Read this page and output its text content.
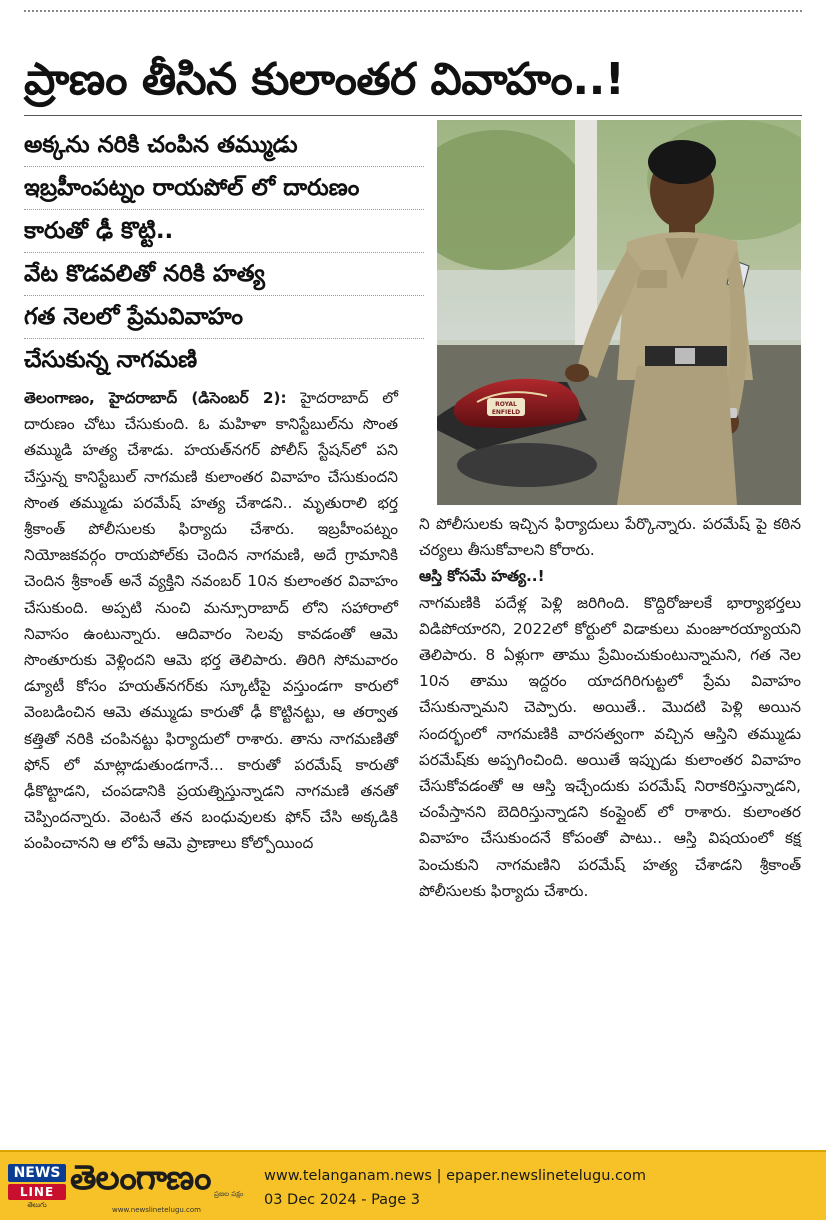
ప్రాణం తీసిన కులాంతర వివాహం..!
అక్కను నరికి చంపిన తమ్ముడు
ఇబ్రహీంపట్నం రాయపోల్ లో దారుణం
కారుతో ఢీ కొట్టి..
వేట కొడవలితో నరికి హత్య
గత నెలలో ప్రేమవివాహం
చేసుకున్న నాగమణి
ROYAL
ENFIELD

తెలంగాణం, హైదరాబాద్ (డిసెంబర్ 2): హైదరాబాద్ లో దారుణం చోటు చేసుకుంది. ఓ మహిళా కానిస్టేబుల్‌ను సొంత తమ్ముడి హత్య చేశాడు. హయత్‌నగర్ పోలీస్ స్టేషన్‌లో పని చేస్తున్న కానిస్టేబుల్ నాగమణి కులాంతర వివాహం చేసుకుందని సొంత తమ్ముడు పరమేష్ హత్య చేశాడని.. మృతురాలి భర్త శ్రీకాంత్ పోలీసులకు ఫిర్యాదు చేశారు. ఇబ్రహీంపట్నం నియోజకవర్గం రాయపోల్‌కు చెందిన నాగమణి, అదే గ్రామానికి చెందిన శ్రీకాంత్ అనే వ్యక్తిని నవంబర్ 10న కులాంతర వివాహం చేసుకుంది. అప్పటి నుంచి మన్సూరాబాద్ లోని సహారాలో నివాసం ఉంటున్నారు. ఆదివారం సెలవు కావడంతో ఆమె సొంతూరుకు వెళ్లిందని ఆమె భర్త తెలిపారు. తిరిగి సోమవారం డ్యూటీ కోసం హయత్‌నగర్‌కు స్కూటీపై వస్తుండగా కారులో వెంబడించిన ఆమె తమ్ముడు కారుతో ఢీ కొట్టినట్టు, ఆ తర్వాత కత్తితో నరికి చంపినట్టు ఫిర్యాదులో రాశారు. తాను నాగమణితో ఫోన్ లో మాట్లాడుతుండగానే... కారుతో పరమేష్ కారుతో ఢీకొట్టాడని, చంపడానికి ప్రయత్నిస్తున్నాడని నాగమణి తనతో చెప్పిందన్నారు. వెంటనే తన బంధువులకు ఫోన్ చేసి అక్కడికి పంపించానని ఆ లోపే ఆమె ప్రాణాలు కోల్పోయింద

ని పోలీసులకు ఇచ్చిన ఫిర్యాదులు పేర్కొన్నారు. పరమేష్ పై కఠిన చర్యలు తీసుకోవాలని కోరారు.

ఆస్తి కోసమే హత్య..!

నాగమణికి పదేళ్ల పెళ్లి జరిగింది. కొద్దిరోజులకే భార్యాభర్తలు విడిపోయారని, 2022లో కోర్టులో విడాకులు మంజూరయ్యాయని తెలిపారు. 8 ఏళ్లుగా తాము ప్రేమించుకుంటున్నామని, గత నెల 10న తాము ఇద్దరం యాదగిరిగుట్టలో ప్రేమ వివాహం చేసుకున్నామని చెప్పారు. అయితే.. మొదటి పెళ్లి అయిన సందర్భంలో నాగమణికి వారసత్వంగా వచ్చిన ఆస్తిని తమ్ముడు పరమేష్‌కు అప్పగించింది. అయితే ఇప్పుడు కులాంతర వివాహం చేసుకోవడంతో ఆ ఆస్తి ఇచ్చేందుకు పరమేష్ నిరాకరిస్తున్నాడని, చంపేస్తానని బెదిరిస్తున్నాడని కంప్లైంట్ లో రాశారు. కులాంతర వివాహం చేసుకుందనే కోపంతో పాటు.. ఆస్తి విషయంలో కక్ష పెంచుకుని నాగమణిని పరమేష్ హత్య చేశాడని శ్రీకాంత్ పోలీసులకు ఫిర్యాదు చేశారు.

NEWS
LINE
తెలుగు
తెలంగాణం ప్రజల పక్షం
www.newslinetelugu.com
www.telanganam.news | epaper.newslinetelugu.com
03 Dec 2024 - Page 3
